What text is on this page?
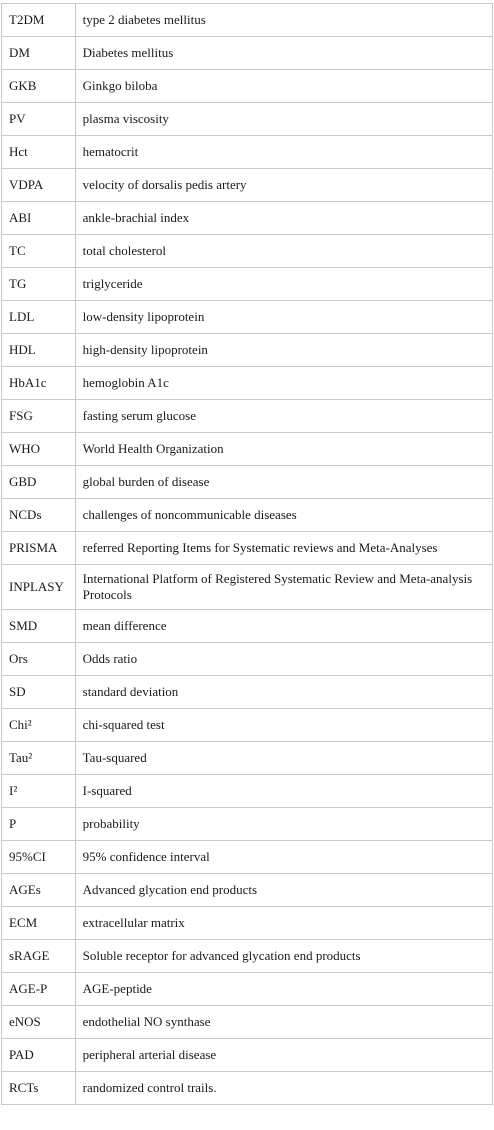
T2DM	type 2 diabetes mellitus
DM	Diabetes mellitus
GKB	Ginkgo biloba
PV	plasma viscosity
Hct	hematocrit
VDPA	velocity of dorsalis pedis artery
ABI	ankle-brachial index
TC	total cholesterol
TG	triglyceride
LDL	low-density lipoprotein
HDL	high-density lipoprotein
HbA1c	hemoglobin A1c
FSG	fasting serum glucose
WHO	World Health Organization
GBD	global burden of disease
NCDs	challenges of noncommunicable diseases
PRISMA	referred Reporting Items for Systematic reviews and Meta-Analyses
INPLASY	International Platform of Registered Systematic Review and Meta-analysis Protocols
SMD	mean difference
Ors	Odds ratio
SD	standard deviation
Chi²	chi-squared test
Tau²	Tau-squared
I²	I-squared
P	probability
95%CI	95% confidence interval
AGEs	Advanced glycation end products
ECM	extracellular matrix
sRAGE	Soluble receptor for advanced glycation end products
AGE-P	AGE-peptide
eNOS	endothelial NO synthase
PAD	peripheral arterial disease
RCTs	randomized control trails.
